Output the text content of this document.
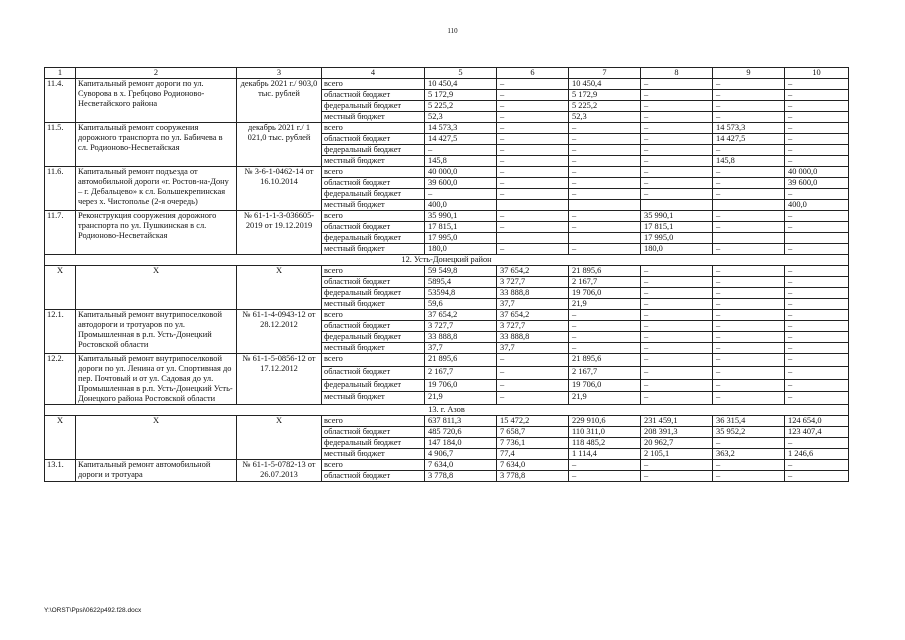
110
1	2	3	4	5	6	7	8	9	10
11.4.	Капитальный ремонт дороги по ул. Суворова в х. Гребцово Родионово-Несветайского района	декабрь 2021 г./ 903,0 тыс. рублей	всего	10 450,4	–	10 450,4	–	–	–
			областной бюджет	5 172,9	–	5 172,9	–	–	–
			федеральный бюджет	5 225,2	–	5 225,2	–	–	–
			местный бюджет	52,3	–	52,3	–	–	–
11.5.	Капитальный ремонт сооружения дорожного транспорта по ул. Бабичева в сл. Родионово-Несветайская	декабрь 2021 г./ 1 021,0 тыс. рублей	всего	14 573,3	–	–	–	14 573,3	–
			областной бюджет	14 427,5	–	–	–	14 427,5	–
			федеральный бюджет	–	–	–	–	–	–
			местный бюджет	145,8	–	–	–	145,8	–
11.6.	Капитальный ремонт подъезда от автомобильной дороги «г. Ростов-на-Дону – г. Дебальцево» к сл. Большекрепинская через х. Чистополье (2-я очередь)	№ 3-6-1-0462-14 от 16.10.2014	всего	40 000,0	–	–	–	–	40 000,0
			областной бюджет	39 600,0	–	–	–	–	39 600,0
			федеральный бюджет	–	–	–	–	–	–
			местный бюджет	400,0					400,0
11.7.	Реконструкция сооружения дорожного транспорта по ул. Пушкинская в сл. Родионово-Несветайская	№ 61-1-1-3-036605-2019 от 19.12.2019	всего	35 990,1	–	–	35 990,1	–	–
			областной бюджет	17 815,1	–	–	17 815,1	–	–
			федеральный бюджет	17 995,0			17 995,0		
			местный бюджет	180,0	–	–	180,0	–	–
12. Усть-Донецкий район									
X	X	X	всего	59 549,8	37 654,2	21 895,6	–	–	–
			областной бюджет	5895,4	3 727,7	2 167,7	–	–	–
			федеральный бюджет	53594,8	33 888,8	19 706,0	–	–	–
			местный бюджет	59,6	37,7	21,9	–	–	–
12.1.	Капитальный ремонт внутрипоселковой автодороги и тротуаров по ул. Промышленная в р.п. Усть-Донецкий Ростовской области	№ 61-1-4-0943-12 от 28.12.2012	всего	37 654,2	37 654,2	–	–	–	–
			областной бюджет	3 727,7	3 727,7	–	–	–	–
			федеральный бюджет	33 888,8	33 888,8	–	–	–	–
			местный бюджет	37,7	37,7	–	–	–	–
12.2.	Капитальный ремонт внутрипоселковой дороги по ул. Ленина от ул. Спортивная до пер. Почтовый и от ул. Садовая до ул. Промышленная в р.п. Усть-Донецкий Усть-Донецкого района Ростовской области	№ 61-1-5-0856-12 от 17.12.2012	всего	21 895,6	–	21 895,6	–	–	–
			областной бюджет	2 167,7	–	2 167,7	–	–	–
			федеральный бюджет	19 706,0	–	19 706,0	–	–	–
			местный бюджет	21,9	–	21,9	–	–	–
13. г. Азов									
X	X	X	всего	637 811,3	15 472,2	229 910,6	231 459,1	36 315,4	124 654,0
			областной бюджет	485 720,6	7 658,7	110 311,0	208 391,3	35 952,2	123 407,4
			федеральный бюджет	147 184,0	7 736,1	118 485,2	20 962,7	–	–
			местный бюджет	4 906,7	77,4	1 114,4	2 105,1	363,2	1 246,6
13.1.	Капитальный ремонт автомобильной дороги и тротуара	№ 61-1-5-0782-13 от 26.07.2013	всего	7 634,0	7 634,0	–	–	–	–
			областной бюджет	3 778,8	3 778,8	–	–	–	–
Y:\ORST\Ppsi\0622p492.f28.docx
